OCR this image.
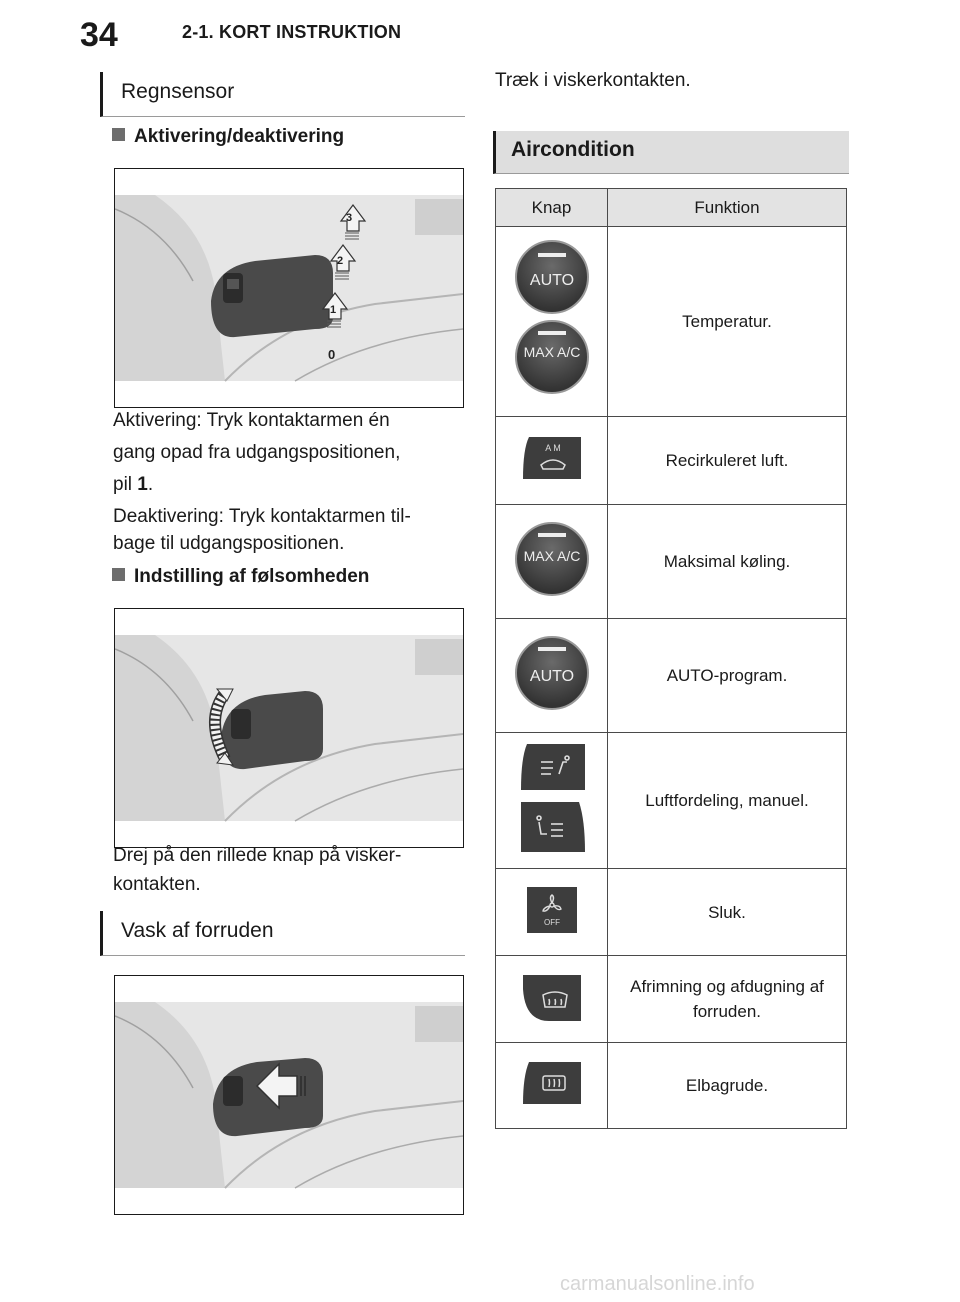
34	2-1. KORT INSTRUKTION
Regnsensor
Aktivering/deaktivering
3
2
1
0
Aktivering: Tryk kontaktarmen én
gang opad fra udgangspositionen,
pil 1.
Deaktivering: Tryk kontaktarmen til-
bage til udgangspositionen.
Indstilling af følsomheden
Drej på den rillede knap på visker-
kontakten.
Vask af forruden
Træk i viskerkontakten.
Aircondition
Knap	Funktion

AUTO
MAX A/C	Temperatur.

A M	Recirkuleret luft.

MAX A/C	Maksimal køling.

AUTO	AUTO-program.
	Luftfordeling, manuel.

OFF	Sluk.
	Afrimning og afdugning af forruden.
	Elbagrude.
carmanualsonline.info
